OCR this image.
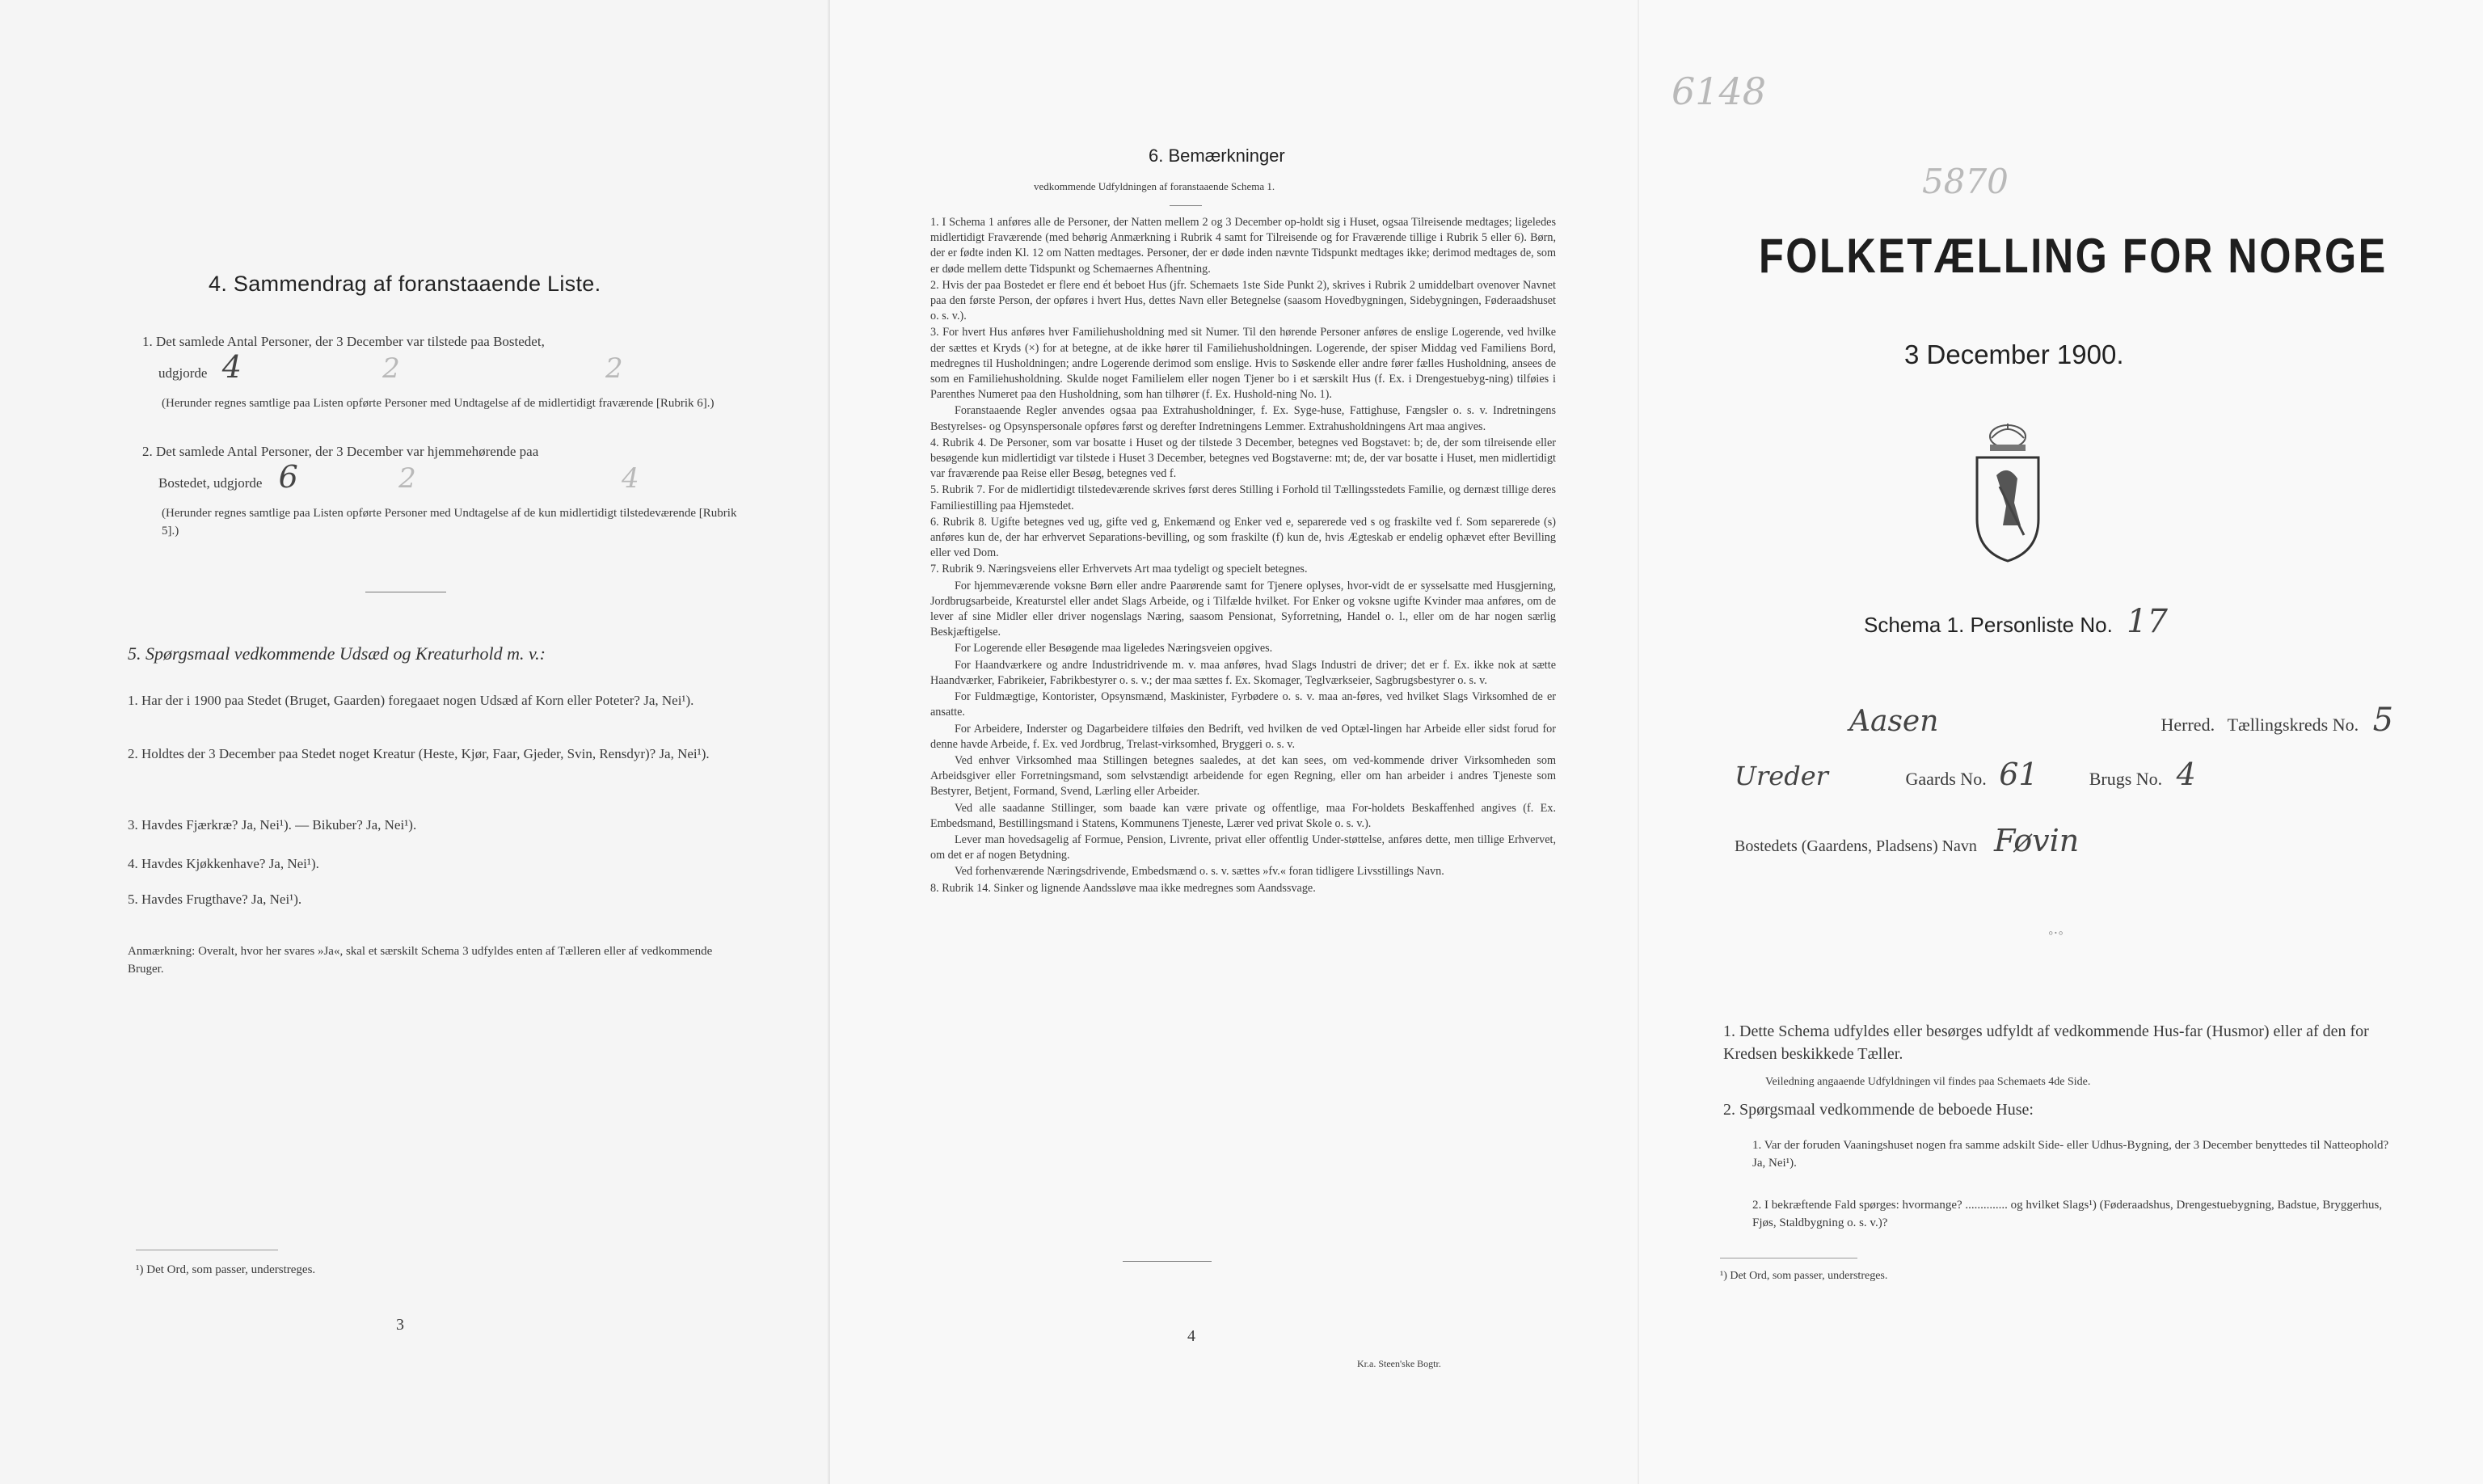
4. Sammendrag af foranstaaende Liste.
1. Det samlede Antal Personer, der 3 December var tilstede paa Bostedet,
udgjorde 4	2	2
(Herunder regnes samtlige paa Listen opførte Personer med Undtagelse af de midlertidigt fraværende [Rubrik 6].)
2. Det samlede Antal Personer, der 3 December var hjemmehørende paa
Bostedet, udgjorde 6	2	4
(Herunder regnes samtlige paa Listen opførte Personer med Undtagelse af de kun midlertidigt tilstedeværende [Rubrik 5].)
5. Spørgsmaal vedkommende Udsæd og Kreaturhold m. v.:
1. Har der i 1900 paa Stedet (Bruget, Gaarden) foregaaet nogen Udsæd af Korn eller Poteter? Ja, Nei¹).
2. Holdtes der 3 December paa Stedet noget Kreatur (Heste, Kjør, Faar, Gjeder, Svin, Rensdyr)? Ja, Nei¹).
3. Havdes Fjærkræ? Ja, Nei¹). — Bikuber? Ja, Nei¹).
4. Havdes Kjøkkenhave? Ja, Nei¹).
5. Havdes Frugthave? Ja, Nei¹).
Anmærkning: Overalt, hvor her svares »Ja«, skal et særskilt Schema 3 udfyldes enten af Tælleren eller af vedkommende Bruger.
¹) Det Ord, som passer, understreges.
3
6. Bemærkninger
vedkommende Udfyldningen af foranstaaende Schema 1.

1. I Schema 1 anføres alle de Personer, der Natten mellem 2 og 3 December op-holdt sig i Huset, ogsaa Tilreisende medtages; ligeledes midlertidigt Fraværende (med behørig Anmærkning i Rubrik 4 samt for Tilreisende og for Fraværende tillige i Rubrik 5 eller 6). Børn, der er fødte inden Kl. 12 om Natten medtages. Personer, der er døde inden nævnte Tidspunkt medtages ikke; derimod medtages de, som er døde mellem dette Tidspunkt og Schemaernes Afhentning.

2. Hvis der paa Bostedet er flere end ét beboet Hus (jfr. Schemaets 1ste Side Punkt 2), skrives i Rubrik 2 umiddelbart ovenover Navnet paa den første Person, der opføres i hvert Hus, dettes Navn eller Betegnelse (saasom Hovedbygningen, Sidebygningen, Føderaadshuset o. s. v.).

3. For hvert Hus anføres hver Familiehusholdning med sit Numer. Til den hørende Personer anføres de enslige Logerende, ved hvilke der sættes et Kryds (×) for at betegne, at de ikke hører til Familiehusholdningen. Logerende, der spiser Middag ved Familiens Bord, medregnes til Husholdningen; andre Logerende derimod som enslige. Hvis to Søskende eller andre fører fælles Husholdning, ansees de som en Familiehusholdning. Skulde noget Familielem eller nogen Tjener bo i et særskilt Hus (f. Ex. i Drengestuebyg-ning) tilføies i Parenthes Numeret paa den Husholdning, som han tilhører (f. Ex. Hushold-ning No. 1).

Foranstaaende Regler anvendes ogsaa paa Extrahusholdninger, f. Ex. Syge-huse, Fattighuse, Fængsler o. s. v. Indretningens Bestyrelses- og Opsynspersonale opføres først og derefter Indretningens Lemmer. Extrahusholdningens Art maa angives.

4. Rubrik 4. De Personer, som var bosatte i Huset og der tilstede 3 December, betegnes ved Bogstavet: b; de, der som tilreisende eller besøgende kun midlertidigt var tilstede i Huset 3 December, betegnes ved Bogstaverne: mt; de, der var bosatte i Huset, men midlertidigt var fraværende paa Reise eller Besøg, betegnes ved f.

5. Rubrik 7. For de midlertidigt tilstedeværende skrives først deres Stilling i Forhold til Tællingsstedets Familie, og dernæst tillige deres Familiestilling paa Hjemstedet.

6. Rubrik 8. Ugifte betegnes ved ug, gifte ved g, Enkemænd og Enker ved e, separerede ved s og fraskilte ved f. Som separerede (s) anføres kun de, der har erhvervet Separations-bevilling, og som fraskilte (f) kun de, hvis Ægteskab er endelig ophævet efter Bevilling eller ved Dom.

7. Rubrik 9. Næringsveiens eller Erhvervets Art maa tydeligt og specielt betegnes.

For hjemmeværende voksne Børn eller andre Paarørende samt for Tjenere oplyses, hvor-vidt de er sysselsatte med Husgjerning, Jordbrugsarbeide, Kreaturstel eller andet Slags Arbeide, og i Tilfælde hvilket. For Enker og voksne ugifte Kvinder maa anføres, om de lever af sine Midler eller driver nogenslags Næring, saasom Pensionat, Syforretning, Handel o. l., eller om de har nogen særlig Beskjæftigelse.

For Logerende eller Besøgende maa ligeledes Næringsveien opgives.

For Haandværkere og andre Industridrivende m. v. maa anføres, hvad Slags Industri de driver; det er f. Ex. ikke nok at sætte Haandværker, Fabrikeier, Fabrikbestyrer o. s. v.; der maa sættes f. Ex. Skomager, Teglværkseier, Sagbrugsbestyrer o. s. v.

For Fuldmægtige, Kontorister, Opsynsmænd, Maskinister, Fyrbødere o. s. v. maa an-føres, ved hvilket Slags Virksomhed de er ansatte.

For Arbeidere, Inderster og Dagarbeidere tilføies den Bedrift, ved hvilken de ved Optæl-lingen har Arbeide eller sidst forud for denne havde Arbeide, f. Ex. ved Jordbrug, Trelast-virksomhed, Bryggeri o. s. v.

Ved enhver Virksomhed maa Stillingen betegnes saaledes, at det kan sees, om ved-kommende driver Virksomheden som Arbeidsgiver eller Forretningsmand, som selvstændigt arbeidende for egen Regning, eller om han arbeider i andres Tjeneste som Bestyrer, Betjent, Formand, Svend, Lærling eller Arbeider.

Ved alle saadanne Stillinger, som baade kan være private og offentlige, maa For-holdets Beskaffenhed angives (f. Ex. Embedsmand, Bestillingsmand i Statens, Kommunens Tjeneste, Lærer ved privat Skole o. s. v.).

Lever man hovedsagelig af Formue, Pension, Livrente, privat eller offentlig Under-støttelse, anføres dette, men tillige Erhvervet, om det er af nogen Betydning.

Ved forhenværende Næringsdrivende, Embedsmænd o. s. v. sættes »fv.« foran tidligere Livsstillings Navn.

8. Rubrik 14. Sinker og lignende Aandssløve maa ikke medregnes som Aandssvage.

4
Kr.a. Steen'ske Bogtr.
6148
5870
FOLKETÆLLING FOR NORGE
3 December 1900.
Schema 1. Personliste No. 17
Aasen	Herred. Tællingskreds No. 5
Ureder	Gaards No. 61	Brugs No. 4
Bostedets (Gaardens, Pladsens) Navn Føvin
◦·◦
1. Dette Schema udfyldes eller besørges udfyldt af vedkommende Hus-far (Husmor) eller af den for Kredsen beskikkede Tæller.
Veiledning angaaende Udfyldningen vil findes paa Schemaets 4de Side.
2. Spørgsmaal vedkommende de beboede Huse:
1. Var der foruden Vaaningshuset nogen fra samme adskilt Side- eller Udhus-Bygning, der 3 December benyttedes til Natteophold? Ja, Nei¹).
2. I bekræftende Fald spørges: hvormange? .............. og hvilket Slags¹) (Føderaadshus, Drengestuebygning, Badstue, Bryggerhus, Fjøs, Staldbygning o. s. v.)?
¹) Det Ord, som passer, understreges.
